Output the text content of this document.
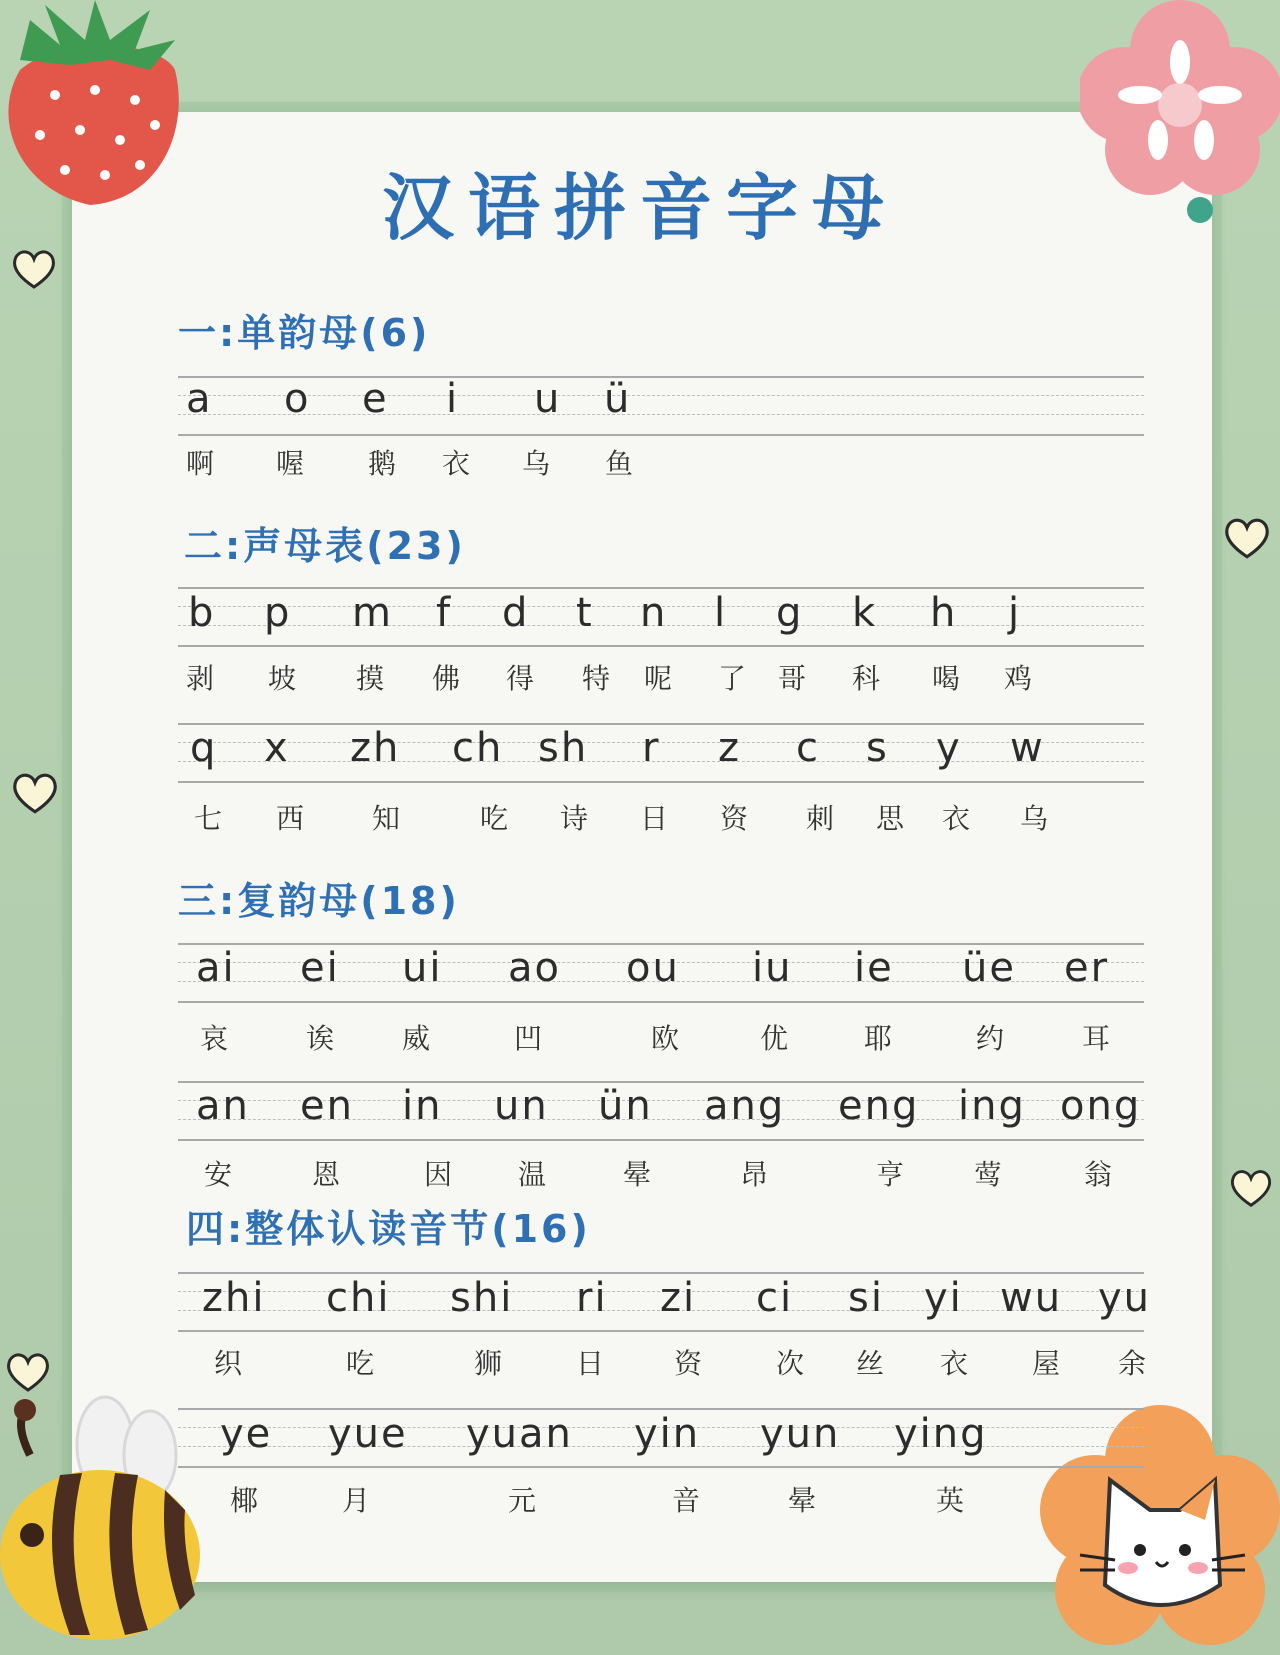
汉语拼音字母
一:单韵母(6)
二:声母表(23)
三:复韵母(18)
四:整体认读音节(16)
a o e i u ü
啊 喔 鹅 衣 乌 鱼
b p m f d t n l g k h j
剥 坡 摸 佛 得 特 呢 了 哥 科 喝 鸡
q x zh ch sh r z c s y w
七 西 知	吃 诗 日 资 刺 思 衣 乌
ai ei ui ao ou iu ie üe er
哀	诶 威	凹	欧	优	耶	约	耳
an en in un ün ang eng ing ong
安	恩	因 温	晕	昂	亨 莺	翁
zhi chi shi ri zi ci si yi wu yu
织	吃	狮	日 资	次 丝 衣 屋 余
ye yue yuan yin yun ying
椰	月	元	音	晕	英
